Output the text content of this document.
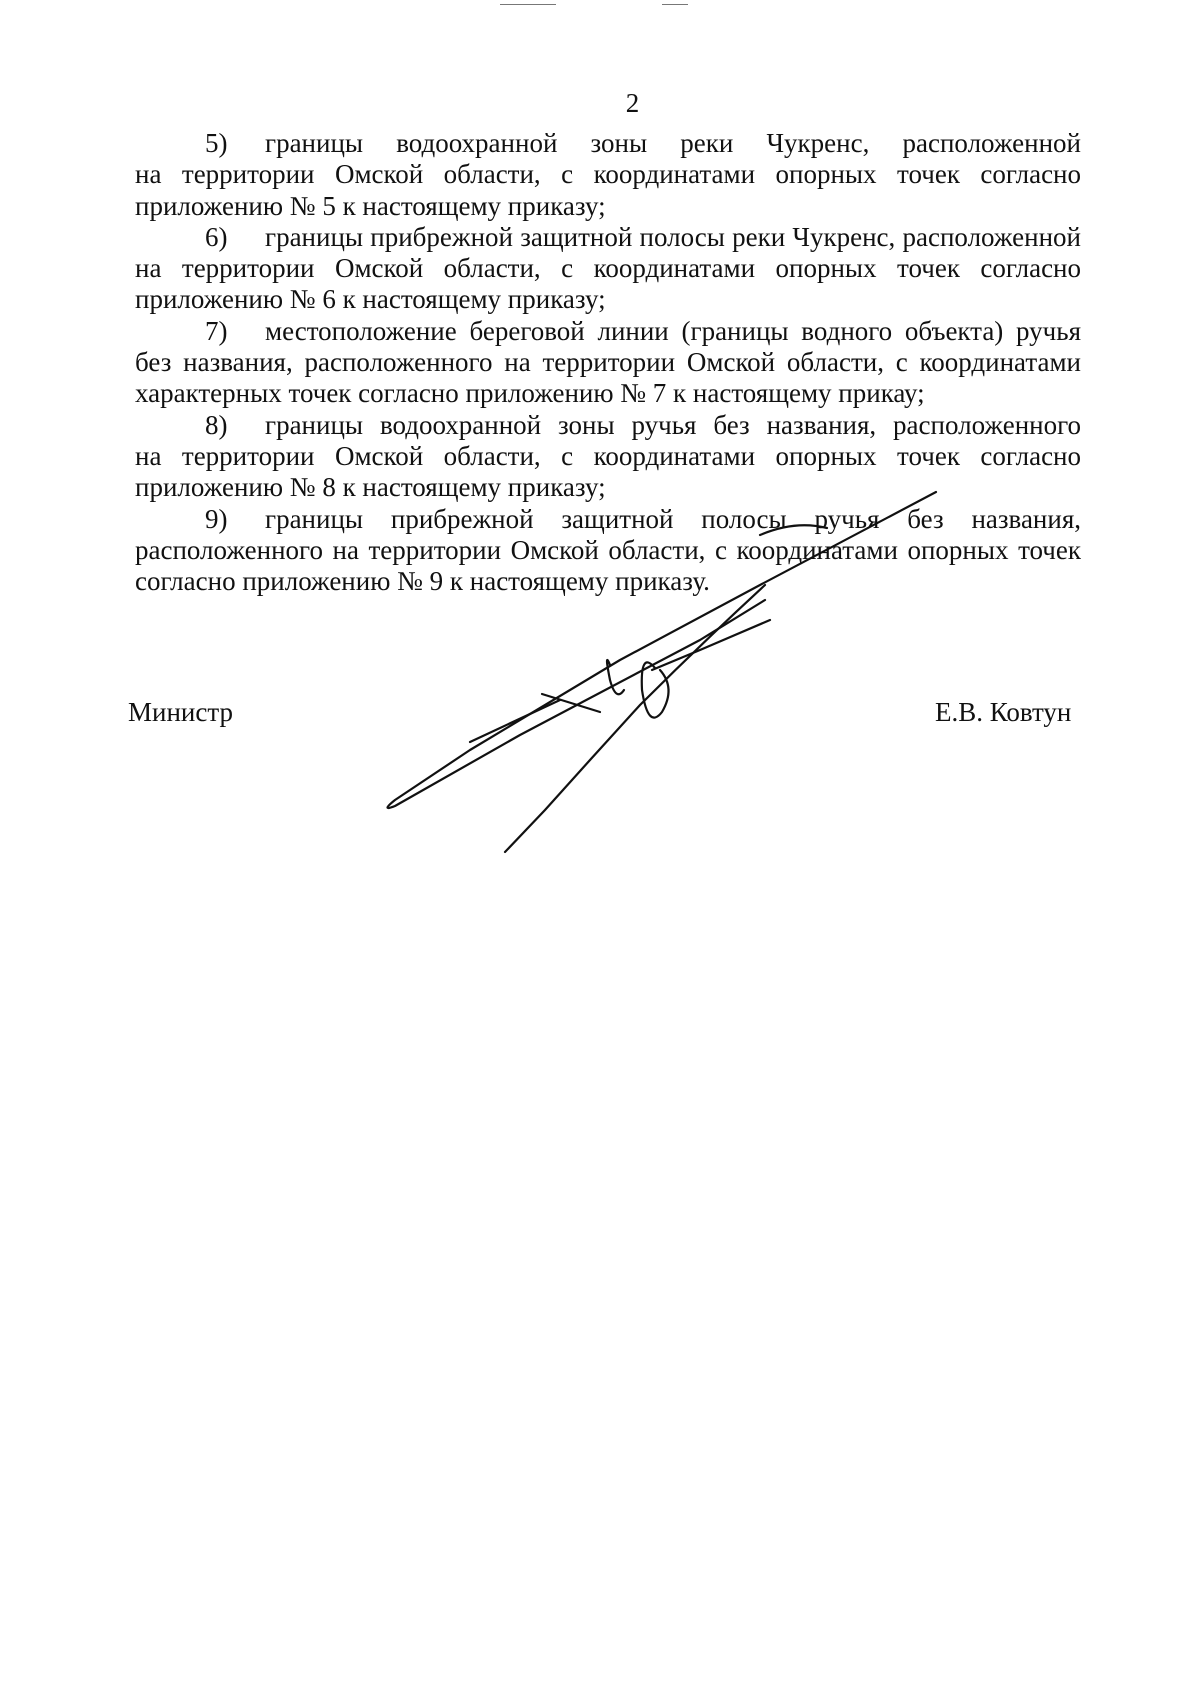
2

5) границы водоохранной зоны реки Чукренс, расположенной
на территории Омской области, с координатами опорных точек согласно
приложению № 5 к настоящему приказу;

6) границы прибрежной защитной полосы реки Чукренс, расположенной
на территории Омской области, с координатами опорных точек согласно
приложению № 6 к настоящему приказу;

7) местоположение береговой линии (границы водного объекта) ручья
без названия, расположенного на территории Омской области, с координатами
характерных точек согласно приложению № 7 к настоящему прикау;

8) границы водоохранной зоны ручья без названия, расположенного
на территории Омской области, с координатами опорных точек согласно
приложению № 8 к настоящему приказу;

9) границы прибрежной защитной полосы ручья без названия,
расположенного на территории Омской области, с координатами опорных точек
согласно приложению № 9 к настоящему приказу.

Министр	Е.В. Ковтун
